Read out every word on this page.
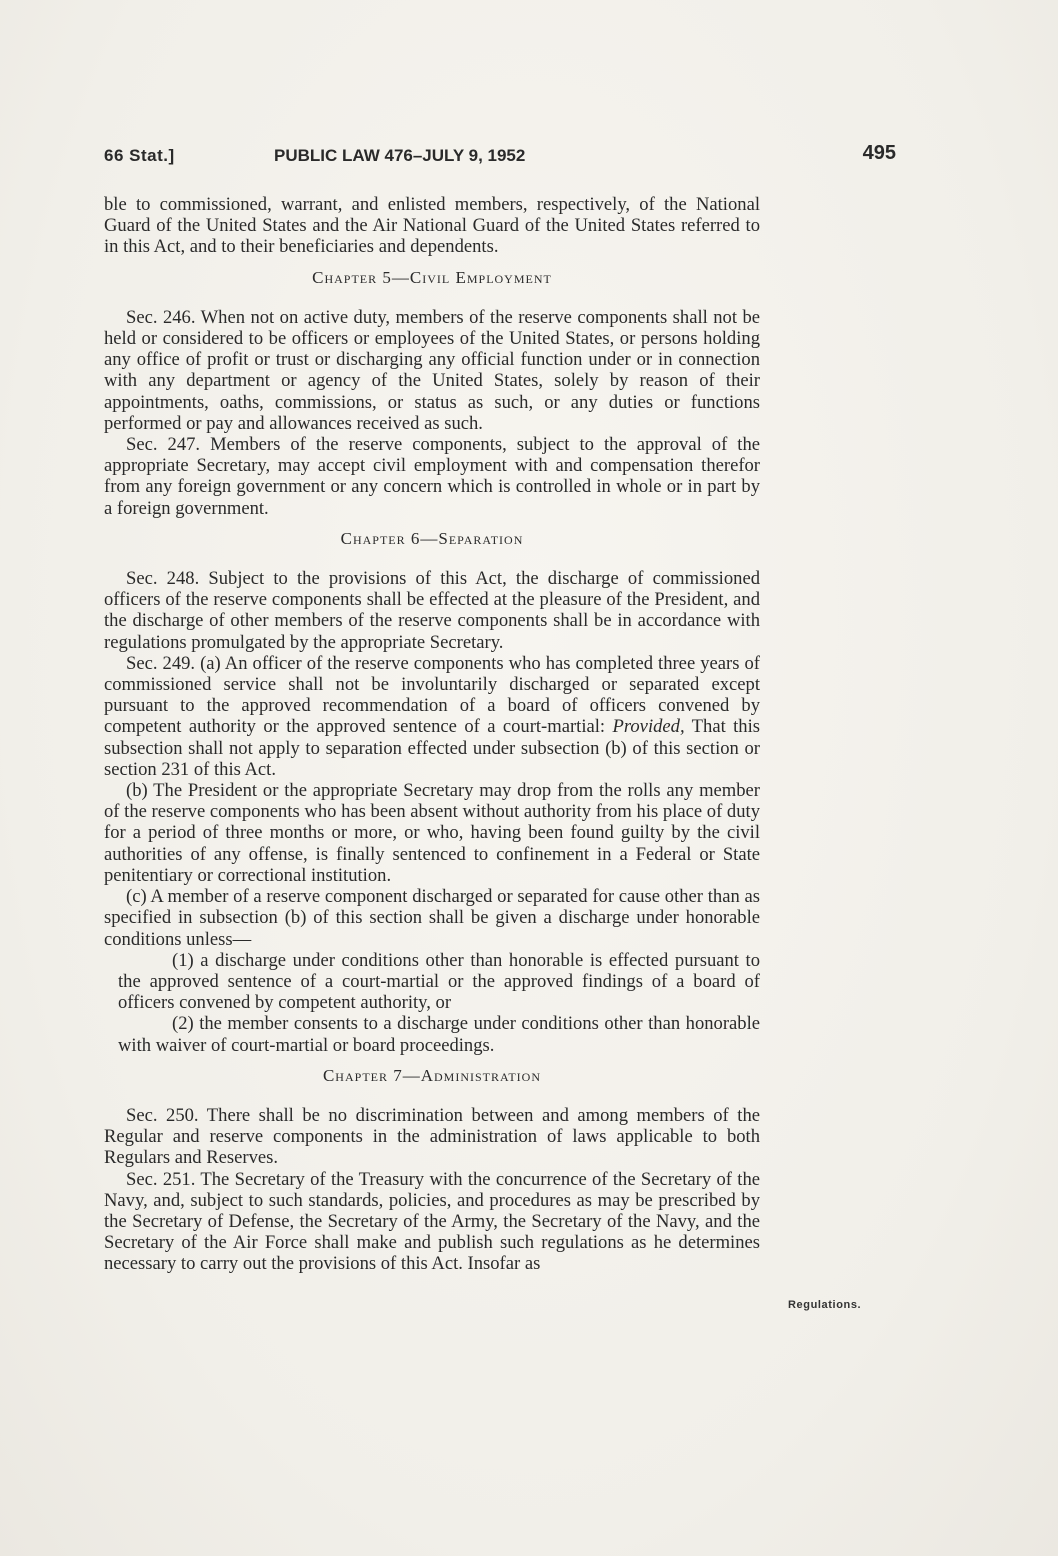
66 Stat.]	PUBLIC LAW 476–JULY 9, 1952	495

ble to commissioned, warrant, and enlisted members, respectively, of the National Guard of the United States and the Air National Guard of the United States referred to in this Act, and to their beneficiaries and dependents.

Chapter 5—Civil Employment

Sec. 246. When not on active duty, members of the reserve components shall not be held or considered to be officers or employees of the United States, or persons holding any office of profit or trust or discharging any official function under or in connection with any department or agency of the United States, solely by reason of their appointments, oaths, commissions, or status as such, or any duties or functions performed or pay and allowances received as such.

Sec. 247. Members of the reserve components, subject to the approval of the appropriate Secretary, may accept civil employment with and compensation therefor from any foreign government or any concern which is controlled in whole or in part by a foreign government.

Chapter 6—Separation

Sec. 248. Subject to the provisions of this Act, the discharge of commissioned officers of the reserve components shall be effected at the pleasure of the President, and the discharge of other members of the reserve components shall be in accordance with regulations promulgated by the appropriate Secretary.

Sec. 249. (a) An officer of the reserve components who has completed three years of commissioned service shall not be involuntarily discharged or separated except pursuant to the approved recommendation of a board of officers convened by competent authority or the approved sentence of a court-martial: Provided, That this subsection shall not apply to separation effected under subsection (b) of this section or section 231 of this Act.

(b) The President or the appropriate Secretary may drop from the rolls any member of the reserve components who has been absent without authority from his place of duty for a period of three months or more, or who, having been found guilty by the civil authorities of any offense, is finally sentenced to confinement in a Federal or State penitentiary or correctional institution.

(c) A member of a reserve component discharged or separated for cause other than as specified in subsection (b) of this section shall be given a discharge under honorable conditions unless—

(1) a discharge under conditions other than honorable is effected pursuant to the approved sentence of a court-martial or the approved findings of a board of officers convened by competent authority, or

(2) the member consents to a discharge under conditions other than honorable with waiver of court-martial or board proceedings.

Chapter 7—Administration

Sec. 250. There shall be no discrimination between and among members of the Regular and reserve components in the administration of laws applicable to both Regulars and Reserves.

Sec. 251. The Secretary of the Treasury with the concurrence of the Secretary of the Navy, and, subject to such standards, policies, and procedures as may be prescribed by the Secretary of Defense, the Secretary of the Army, the Secretary of the Navy, and the Secretary of the Air Force shall make and publish such regulations as he determines necessary to carry out the provisions of this Act. Insofar as

Regulations.
